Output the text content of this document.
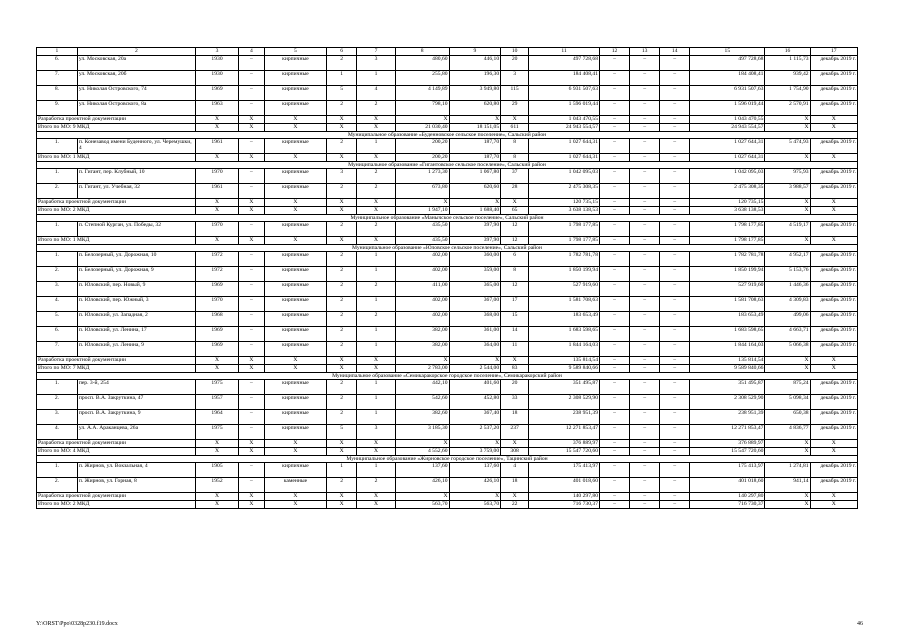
1	2	3	4	5	6	7	8	9	10	11	12	13	14	15	16	17
6.	ул. Московская, 20а	1930	–	кирпичные	2	3	480,60	446,10	20	497 728,68	–	–	–	497 728,68	1 115,73	декабрь 2019 г.
7.	ул. Московская, 20б	1930	–	кирпичные	1	1	255,80	196,30	3	184 408,41	–	–	–	184 408,41	939,42	декабрь 2019 г.
8.	ул. Николая Островского, 74	1969	–	кирпичные	5	4	4 149,89	3 949,80	115	6 931 507,63	–	–	–	6 931 507,63	1 754,90	декабрь 2019 г.
9.	ул. Николая Островского, 8а	1963	–	кирпичные	2	2	798,10	620,80	29	1 596 019,44	–	–	–	1 596 019,44	2 570,91	декабрь 2019 г.
Разработка проектной документации		Х	Х	Х	Х	Х	Х	Х	Х	1 043 470,55	–	–	–	1 043 470,55	Х	Х
Итого по МО: 9 МКД		Х	Х	Х	Х	Х	21 030,40	18 151,05	611	24 943 554,57	–	–	–	24 943 554,57	Х	Х
Муниципальное образование «Буденновское сельское поселение», Сальский район																
1.	п. Конезавод имени Буденного, ул. Черемушки, 4	1961	–	кирпичные	2	1	200,20	187,70	8	1 027 644,31	–	–	–	1 027 644,31	5 474,93	декабрь 2019 г.
Итого по МО: 1 МКД		Х	Х	Х	Х	Х	200,20	187,70	8	1 027 644,31	–	–	–	1 027 644,31	Х	Х
Муниципальное образование «Гигантовское сельское поселение», Сальский район																
1.	п. Гигант, пер. Клубный, 10	1970	–	кирпичные	3	2	1 273,30	1 067,80	37	1 042 095,03	–	–	–	1 042 095,03	975,93	декабрь 2019 г.
2.	п. Гигант, ул. Учебная, 32	1961	–	кирпичные	2	2	673,80	620,60	28	2 475 308,35	–	–	–	2 475 308,35	3 988,57	декабрь 2019 г.
Разработка проектной документации		Х	Х	Х	Х	Х	Х	Х	Х	120 735,15	–	–	–	120 735,15	Х	Х
Итого по МО: 2 МКД		Х	Х	Х	Х	Х	1 947,10	1 688,40	65	3 638 138,53	–	–	–	3 638 138,53	Х	Х
Муниципальное образование «Манычское сельское поселение», Сальский район																
1.	п. Степной Курган, ул. Победы, 32	1970	–	кирпичные	2	2	435,50	397,90	12	1 798 177,85	–	–	–	1 798 177,85	4 519,17	декабрь 2019 г.
Итого по МО: 1 МКД		Х	Х	Х	Х	Х	435,50	397,90	12	1 798 177,85	–	–	–	1 798 177,85	Х	Х
Муниципальное образование «Юловское сельское поселение», Сальский район																
1.	п. Белозерный, ул. Дорожная, 10	1972	–	кирпичные	2	1	402,00	360,00	6	1 782 781,78	–	–	–	1 782 781,78	4 952,17	декабрь 2019 г.
2.	п. Белозерный, ул. Дорожная, 9	1972	–	кирпичные	2	1	402,00	359,00	8	1 850 199,94	–	–	–	1 850 199,94	5 153,76	декабрь 2019 г.
3.	п. Юловский, пер. Новый, 9	1969	–	кирпичные	2	2	411,00	365,00	12	527 919,60	–	–	–	527 919,60	1 446,36	декабрь 2019 г.
4.	п. Юловский, пер. Южный, 3	1970	–	кирпичные	2	1	402,00	367,00	17	1 581 708,63	–	–	–	1 581 708,63	4 309,83	декабрь 2019 г.
5.	п. Юловский, ул. Западная, 2	1968	–	кирпичные	2	2	402,00	368,00	15	183 653,49	–	–	–	183 653,49	499,06	декабрь 2019 г.
6.	п. Юловский, ул. Ленина, 17	1969	–	кирпичные	2	1	382,00	361,00	14	1 683 598,65	–	–	–	1 683 598,65	4 663,71	декабрь 2019 г.
7.	п. Юловский, ул. Ленина, 9	1969	–	кирпичные	2	1	382,00	364,00	11	1 844 164,03	–	–	–	1 844 164,03	5 066,38	декабрь 2019 г.
Разработка проектной документации		Х	Х	Х	Х	Х	Х	Х	Х	135 814,54	–	–	–	135 814,54	Х	Х
Итого по МО: 7 МКД		Х	Х	Х	Х	Х	2 783,00	2 544,00	83	9 589 840,66	–	–	–	9 589 840,66	Х	Х
Муниципальное образование «Семикаракорское городское поселение», Семикаракорский район																
1.	пер. 3-й, 254	1975	–	кирпичные	2	1	442,10	401,60	20	351 495,87	–	–	–	351 495,87	875,24	декабрь 2019 г.
2.	просп. В.А. Закруткина, 47	1957	–	кирпичные	2	1	542,60	452,80	33	2 308 529,90	–	–	–	2 308 529,90	5 098,34	декабрь 2019 г.
3.	просп. В.А. Закруткина, 9	1964	–	кирпичные	2	1	382,60	367,40	18	238 951,39	–	–	–	238 951,39	650,38	декабрь 2019 г.
4.	ул. А.А. Араканцева, 26а	1975	–	кирпичные	5	3	3 185,30	2 537,20	237	12 271 853,47	–	–	–	12 271 853,47	4 836,77	декабрь 2019 г.
Разработка проектной документации		Х	Х	Х	Х	Х	Х	Х	Х	376 889,97	–	–	–	376 889,97	Х	Х
Итого по МО: 4 МКД		Х	Х	Х	Х	Х	4 552,60	3 759,00	308	15 547 720,60	–	–	–	15 547 720,60	Х	Х
Муниципальное образование «Жирновское городское поселение», Тацинский район																
1.	п. Жирнов, ул. Вокзальная, 4	1905	–	кирпичные	1	1	137,60	137,60	4	175 413,97	–	–	–	175 413,97	1 274,81	декабрь 2019 г.
2.	п. Жирнов, ул. Горная, 8	1952	–	каменные	2	2	426,10	426,10	18	401 018,60	–	–	–	401 018,60	941,14	декабрь 2019 г.
Разработка проектной документации		Х	Х	Х	Х	Х	Х	Х	Х	140 297,80	–	–	–	140 297,80	Х	Х
Итого по МО: 2 МКД		Х	Х	Х	Х	Х	563,70	563,70	22	716 730,37	–	–	–	716 730,37	Х	Х
Y:\ORST\Ppo\0328p230.f19.docx	46
